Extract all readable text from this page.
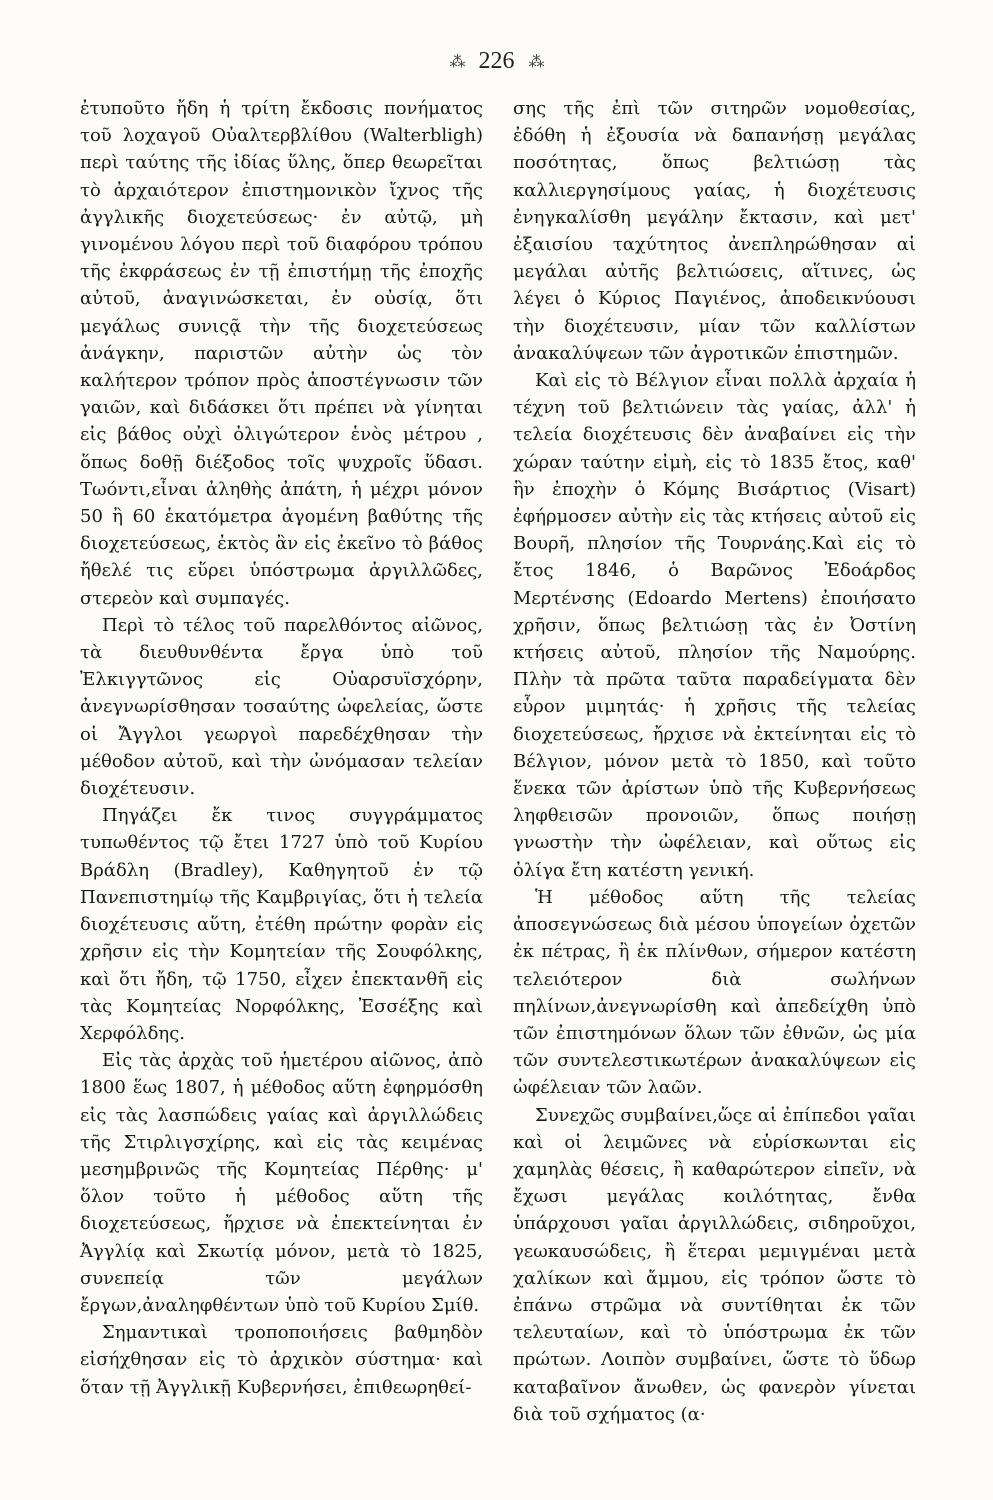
⁂ 226 ⁂

ἐτυποῦτο ἤδη ἡ τρίτη ἔκδοσις πονήματος τοῦ λοχαγοῦ Οὐαλτερβλίθου (Walterbligh) περὶ ταύτης τῆς ἰδίας ὕλης, ὅπερ θεωρεῖται τὸ ἀρχαιότερον ἐπιστημονικὸν ἴχνος τῆς ἀγγλικῆς διοχετεύσεως· ἐν αὐτῷ, μὴ γινομένου λόγου περὶ τοῦ διαφόρου τρόπου τῆς ἐκφράσεως ἐν τῇ ἐπιστήμῃ τῆς ἐποχῆς αὐτοῦ, ἀναγινώσκεται, ἐν οὐσίᾳ, ὅτι μεγάλως συνιςᾷ τὴν τῆς διοχετεύσεως ἀνάγκην, παριστῶν αὐτὴν ὡς τὸν καλήτερον τρόπον πρὸς ἀποστέγνωσιν τῶν γαιῶν, καὶ διδάσκει ὅτι πρέπει νὰ γίνηται εἰς βάθος οὐχὶ ὀλιγώτερον ἑνὸς μέτρου , ὅπως δοθῇ διέξοδος τοῖς ψυχροῖς ὕδασι. Τωόντι,εἶναι ἀληθὴς ἀπάτη, ἡ μέχρι μόνον 50 ἢ 60 ἑκατόμετρα ἀγομένη βαθύτης τῆς διοχετεύσεως, ἐκτὸς ἂν εἰς ἐκεῖνο τὸ βάθος ἤθελέ τις εὕρει ὑπόστρωμα ἀργιλλῶδες, στερεὸν καὶ συμπαγές.

Περὶ τὸ τέλος τοῦ παρελθόντος αἰῶνος, τὰ διευθυνθέντα ἔργα ὑπὸ τοῦ Ἐλκιγγτῶνος εἰς Οὐαρσυϊσχόρην, ἀνεγνωρίσθησαν τοσαύτης ὠφελείας, ὥστε οἱ Ἄγγλοι γεωργοὶ παρεδέχθησαν τὴν μέθοδον αὐτοῦ, καὶ τὴν ὠνόμασαν τελείαν διοχέτευσιν.

Πηγάζει ἔκ τινος συγγράμματος τυπωθέντος τῷ ἔτει 1727 ὑπὸ τοῦ Κυρίου Βράδλη (Bradley), Καθηγητοῦ ἐν τῷ Πανεπιστημίῳ τῆς Καμβριγίας, ὅτι ἡ τελεία διοχέτευσις αὕτη, ἐτέθη πρώτην φορὰν εἰς χρῆσιν εἰς τὴν Κομητείαν τῆς Σουφόλκης, καὶ ὅτι ἤδη, τῷ 1750, εἶχεν ἐπεκτανθῆ εἰς τὰς Κομητείας Νορφόλκης, Ἐσσέξης καὶ Χερφόλδης.

Εἰς τὰς ἀρχὰς τοῦ ἡμετέρου αἰῶνος, ἀπὸ 1800 ἕως 1807, ἡ μέθοδος αὕτη ἐφηρμόσθη εἰς τὰς λασπώδεις γαίας καὶ ἀργιλλώδεις τῆς Στιρλιγσχίρης, καὶ εἰς τὰς κειμένας μεσημβρινῶς τῆς Κομητείας Πέρθης· μ' ὅλον τοῦτο ἡ μέθοδος αὕτη τῆς διοχετεύσεως, ἤρχισε νὰ ἐπεκτείνηται ἐν Ἀγγλίᾳ καὶ Σκωτίᾳ μόνον, μετὰ τὸ 1825, συνεπείᾳ τῶν μεγάλων ἔργων,ἀναληφθέντων ὑπὸ τοῦ Κυρίου Σμίθ.

Σημαντικαὶ τροποποιήσεις βαθμηδὸν εἰσήχθησαν εἰς τὸ ἀρχικὸν σύστημα· καὶ ὅταν τῇ Ἀγγλικῇ Κυβερνήσει, ἐπιθεωρηθεί-

σης τῆς ἐπὶ τῶν σιτηρῶν νομοθεσίας, ἐδόθη ἡ ἐξουσία νὰ δαπανήσῃ μεγάλας ποσότητας, ὅπως βελτιώσῃ τὰς καλλιεργησίμους γαίας, ἡ διοχέτευσις ἐνηγκαλίσθη μεγάλην ἔκτασιν, καὶ μετ' ἐξαισίου ταχύτητος ἀνεπληρώθησαν αἱ μεγάλαι αὐτῆς βελτιώσεις, αἵτινες, ὡς λέγει ὁ Κύριος Παγιένος, ἀποδεικνύουσι τὴν διοχέτευσιν, μίαν τῶν καλλίστων ἀνακαλύψεων τῶν ἀγροτικῶν ἐπιστημῶν.

Καὶ εἰς τὸ Βέλγιον εἶναι πολλὰ ἀρχαία ἡ τέχνη τοῦ βελτιώνειν τὰς γαίας, ἀλλ' ἡ τελεία διοχέτευσις δὲν ἀναβαίνει εἰς τὴν χώραν ταύτην εἰμὴ, εἰς τὸ 1835 ἔτος, καθ' ἣν ἐποχὴν ὁ Κόμης Βισάρτιος (Visart) ἐφήρμοσεν αὐτὴν εἰς τὰς κτήσεις αὐτοῦ εἰς Βουρῆ, πλησίον τῆς Τουρνάης.Καὶ εἰς τὸ ἔτος 1846, ὁ Βαρῶνος Ἐδοάρδος Μερτένσης (Edoardo Mertens) ἐποιήσατο χρῆσιν, ὅπως βελτιώσῃ τὰς ἐν Ὀστίνη κτήσεις αὐτοῦ, πλησίον τῆς Ναμούρης. Πλὴν τὰ πρῶτα ταῦτα παραδείγματα δὲν εὗρον μιμητάς· ἡ χρῆσις τῆς τελείας διοχετεύσεως, ἤρχισε νὰ ἐκτείνηται εἰς τὸ Βέλγιον, μόνον μετὰ τὸ 1850, καὶ τοῦτο ἕνεκα τῶν ἀρίστων ὑπὸ τῆς Κυβερνήσεως ληφθεισῶν προνοιῶν, ὅπως ποιήσῃ γνωστὴν τὴν ὠφέλειαν, καὶ οὕτως εἰς ὀλίγα ἔτη κατέστη γενική.

Ἡ μέθοδος αὕτη τῆς τελείας ἀποσεγνώσεως διὰ μέσου ὑπογείων ὀχετῶν ἐκ πέτρας, ἢ ἐκ πλίνθων, σήμερον κατέστη τελειότερον διὰ σωλήνων πηλίνων,ἀνεγνωρίσθη καὶ ἀπεδείχθη ὑπὸ τῶν ἐπιστημόνων ὅλων τῶν ἐθνῶν, ὡς μία τῶν συντελεστικωτέρων ἀνακαλύψεων εἰς ὠφέλειαν τῶν λαῶν.

Συνεχῶς συμβαίνει,ὥςε αἱ ἐπίπεδοι γαῖαι καὶ οἱ λειμῶνες νὰ εὑρίσκωνται εἰς χαμηλὰς θέσεις, ἢ καθαρώτερον εἰπεῖν, νὰ ἔχωσι μεγάλας κοιλότητας, ἔνθα ὑπάρχουσι γαῖαι ἀργιλλώδεις, σιδηροῦχοι, γεωκαυσώδεις, ἢ ἕτεραι μεμιγμέναι μετὰ χαλίκων καὶ ἄμμου, εἰς τρόπον ὥστε τὸ ἐπάνω στρῶμα νὰ συντίθηται ἐκ τῶν τελευταίων, καὶ τὸ ὑπόστρωμα ἐκ τῶν πρώτων. Λοιπὸν συμβαίνει, ὥστε τὸ ὕδωρ καταβαῖνον ἄνωθεν, ὡς φανερὸν γίνεται διὰ τοῦ σχήματος (α·
